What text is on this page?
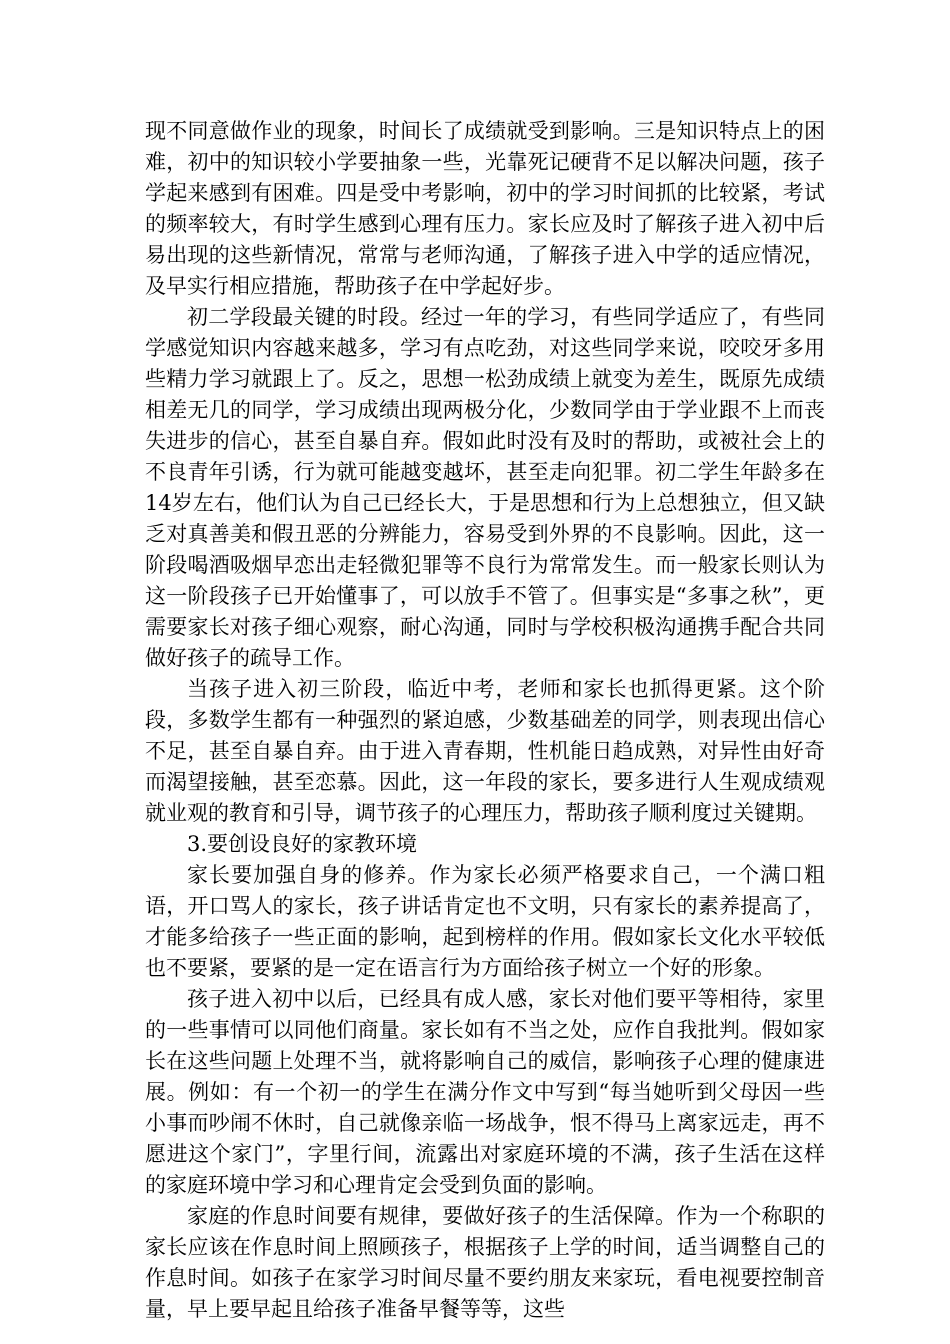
现不同意做作业的现象，时间长了成绩就受到影响。三是知识特点上的困难，初中的知识较小学要抽象一些，光靠死记硬背不足以解决问题，孩子学起来感到有困难。四是受中考影响，初中的学习时间抓的比较紧，考试的频率较大，有时学生感到心理有压力。家长应及时了解孩子进入初中后易出现的这些新情况，常常与老师沟通，了解孩子进入中学的适应情况，及早实行相应措施，帮助孩子在中学起好步。

初二学段最关键的时段。经过一年的学习，有些同学适应了，有些同学感觉知识内容越来越多，学习有点吃劲，对这些同学来说，咬咬牙多用些精力学习就跟上了。反之，思想一松劲成绩上就变为差生，既原先成绩相差无几的同学，学习成绩出现两极分化，少数同学由于学业跟不上而丧失进步的信心，甚至自暴自弃。假如此时没有及时的帮助，或被社会上的不良青年引诱，行为就可能越变越坏，甚至走向犯罪。初二学生年龄多在14岁左右，他们认为自己已经长大，于是思想和行为上总想独立，但又缺乏对真善美和假丑恶的分辨能力，容易受到外界的不良影响。因此，这一阶段喝酒吸烟早恋出走轻微犯罪等不良行为常常发生。而一般家长则认为这一阶段孩子已开始懂事了，可以放手不管了。但事实是“多事之秋”，更需要家长对孩子细心观察，耐心沟通，同时与学校积极沟通携手配合共同做好孩子的疏导工作。

当孩子进入初三阶段，临近中考，老师和家长也抓得更紧。这个阶段，多数学生都有一种强烈的紧迫感，少数基础差的同学，则表现出信心不足，甚至自暴自弃。由于进入青春期，性机能日趋成熟，对异性由好奇而渴望接触，甚至恋慕。因此，这一年段的家长，要多进行人生观成绩观就业观的教育和引导，调节孩子的心理压力，帮助孩子顺利度过关键期。

3.要创设良好的家教环境

家长要加强自身的修养。作为家长必须严格要求自己，一个满口粗语，开口骂人的家长，孩子讲话肯定也不文明，只有家长的素养提高了，才能多给孩子一些正面的影响，起到榜样的作用。假如家长文化水平较低也不要紧，要紧的是一定在语言行为方面给孩子树立一个好的形象。

孩子进入初中以后，已经具有成人感，家长对他们要平等相待，家里的一些事情可以同他们商量。家长如有不当之处，应作自我批判。假如家长在这些问题上处理不当，就将影响自己的威信，影响孩子心理的健康进展。例如：有一个初一的学生在满分作文中写到“每当她听到父母因一些小事而吵闹不休时，自己就像亲临一场战争，恨不得马上离家远走，再不愿进这个家门”，字里行间，流露出对家庭环境的不满，孩子生活在这样的家庭环境中学习和心理肯定会受到负面的影响。

家庭的作息时间要有规律，要做好孩子的生活保障。作为一个称职的家长应该在作息时间上照顾孩子，根据孩子上学的时间，适当调整自己的作息时间。如孩子在家学习时间尽量不要约朋友来家玩，看电视要控制音量，早上要早起且给孩子准备早餐等等，这些
